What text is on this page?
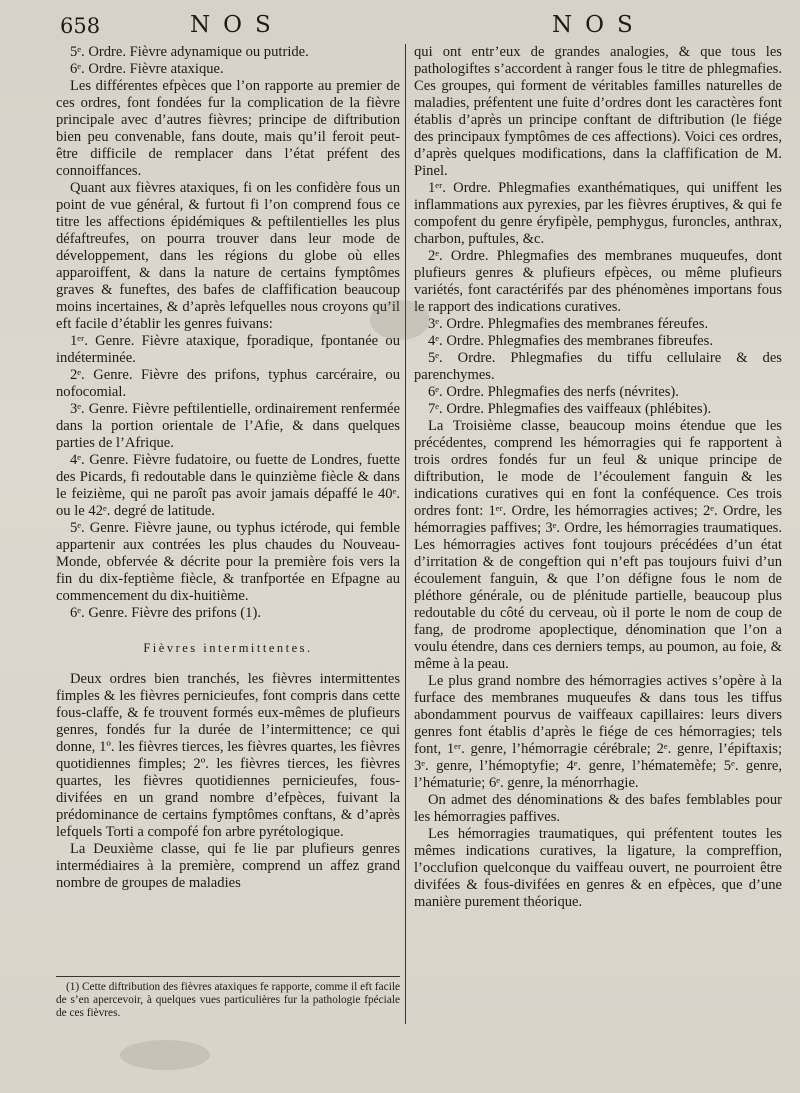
658	NOS	NOS

5ᵉ. Ordre. Fièvre adynamique ou putride.

6ᵉ. Ordre. Fièvre ataxique.

Les différentes efpèces que l’on rapporte au premier de ces ordres, font fondées fur la complication de la fièvre principale avec d’autres fièvres; principe de diftribution bien peu convenable, fans doute, mais qu’il feroit peut-être difficile de remplacer dans l’état préfent des connoiffances.

Quant aux fièvres ataxiques, fi on les confidère fous un point de vue général, & furtout fi l’on comprend fous ce titre les affections épidémiques & peftilentielles les plus défaftreufes, on pourra trouver dans leur mode de développement, dans les régions du globe où elles apparoiffent, & dans la nature de certains fymptômes graves & funeftes, des bafes de claffification beaucoup moins incertaines, & d’après lefquelles nous croyons qu’il eft facile d’établir les genres fuivans:

1ᵉʳ. Genre. Fièvre ataxique, fporadique, fpontanée ou indéterminée.

2ᵉ. Genre. Fièvre des prifons, typhus carcéraire, ou nofocomial.

3ᵉ. Genre. Fièvre peftilentielle, ordinairement renfermée dans la portion orientale de l’Afie, & dans quelques parties de l’Afrique.

4ᵉ. Genre. Fièvre fudatoire, ou fuette de Londres, fuette des Picards, fi redoutable dans le quinzième fiècle & dans le feizième, qui ne paroît pas avoir jamais dépaffé le 40ᵉ. ou le 42ᵉ. degré de latitude.

5ᵉ. Genre. Fièvre jaune, ou typhus ictérode, qui femble appartenir aux contrées les plus chaudes du Nouveau-Monde, obfervée & décrite pour la première fois vers la fin du dix-feptième fiècle, & tranfportée en Efpagne au commencement du dix-huitième.

6ᵉ. Genre. Fièvre des prifons (1).

Fièvres intermittentes.

Deux ordres bien tranchés, les fièvres intermittentes fimples & les fièvres pernicieufes, font compris dans cette fous-claffe, & fe trouvent formés eux-mêmes de plufieurs genres, fondés fur la durée de l’intermittence; ce qui donne, 1º. les fièvres tierces, les fièvres quartes, les fièvres quotidiennes fimples; 2º. les fièvres tierces, les fièvres quartes, les fièvres quotidiennes pernicieufes, fous-divifées en un grand nombre d’efpèces, fuivant la prédominance de certains fymptômes conftans, & d’après lefquels Torti a compofé fon arbre pyrétologique.

La Deuxième classe, qui fe lie par plufieurs genres intermédiaires à la première, comprend un affez grand nombre de groupes de maladies

(1) Cette diftribution des fièvres ataxiques fe rapporte, comme il eft facile de s’en apercevoir, à quelques vues particulières fur la pathologie fpéciale de ces fièvres.

qui ont entr’eux de grandes analogies, & que tous les pathologiftes s’accordent à ranger fous le titre de phlegmafies. Ces groupes, qui forment de véritables familles naturelles de maladies, préfentent une fuite d’ordres dont les caractères font établis d’après un principe conftant de diftribution (le fiége des principaux fymptômes de ces affections). Voici ces ordres, d’après quelques modifications, dans la claffification de M. Pinel.

1ᵉʳ. Ordre. Phlegmafies exanthématiques, qui uniffent les inflammations aux pyrexies, par les fièvres éruptives, & qui fe compofent du genre éryfipèle, pemphygus, furoncles, anthrax, charbon, puftules, &c.

2ᵉ. Ordre. Phlegmafies des membranes muqueufes, dont plufieurs genres & plufieurs efpèces, ou même plufieurs variétés, font caractérifés par des phénomènes importans fous le rapport des indications curatives.

3ᵉ. Ordre. Phlegmafies des membranes féreufes.

4ᵉ. Ordre. Phlegmafies des membranes fibreufes.

5ᵉ. Ordre. Phlegmafies du tiffu cellulaire & des parenchymes.

6ᵉ. Ordre. Phlegmafies des nerfs (névrites).

7ᵉ. Ordre. Phlegmafies des vaiffeaux (phlébites).

La Troisième classe, beaucoup moins étendue que les précédentes, comprend les hémorragies qui fe rapportent à trois ordres fondés fur un feul & unique principe de diftribution, le mode de l’écoulement fanguin & les indications curatives qui en font la conféquence. Ces trois ordres font: 1ᵉʳ. Ordre, les hémorragies actives; 2ᵉ. Ordre, les hémorragies paffives; 3ᵉ. Ordre, les hémorragies traumatiques. Les hémorragies actives font toujours précédées d’un état d’irritation & de congeftion qui n’eft pas toujours fuivi d’un écoulement fanguin, & que l’on défigne fous le nom de pléthore générale, ou de plénitude partielle, beaucoup plus redoutable du côté du cerveau, où il porte le nom de coup de fang, de prodrome apoplectique, dénomination que l’on a voulu étendre, dans ces derniers temps, au poumon, au foie, & même à la peau.

Le plus grand nombre des hémorragies actives s’opère à la furface des membranes muqueufes & dans tous les tiffus abondamment pourvus de vaiffeaux capillaires: leurs divers genres font établis d’après le fiége de ces hémorragies; tels font, 1ᵉʳ. genre, l’hémorragie cérébrale; 2ᵉ. genre, l’épiftaxis; 3ᵉ. genre, l’hémoptyfie; 4ᵉ. genre, l’hématemèfe; 5ᵉ. genre, l’hématurie; 6ᵉ. genre, la ménorrhagie.

On admet des dénominations & des bafes femblables pour les hémorragies paffives.

Les hémorragies traumatiques, qui préfentent toutes les mêmes indications curatives, la ligature, la compreffion, l’occlufion quelconque du vaiffeau ouvert, ne pourroient être divifées & fous-divifées en genres & en efpèces, que d’une manière purement théorique.
